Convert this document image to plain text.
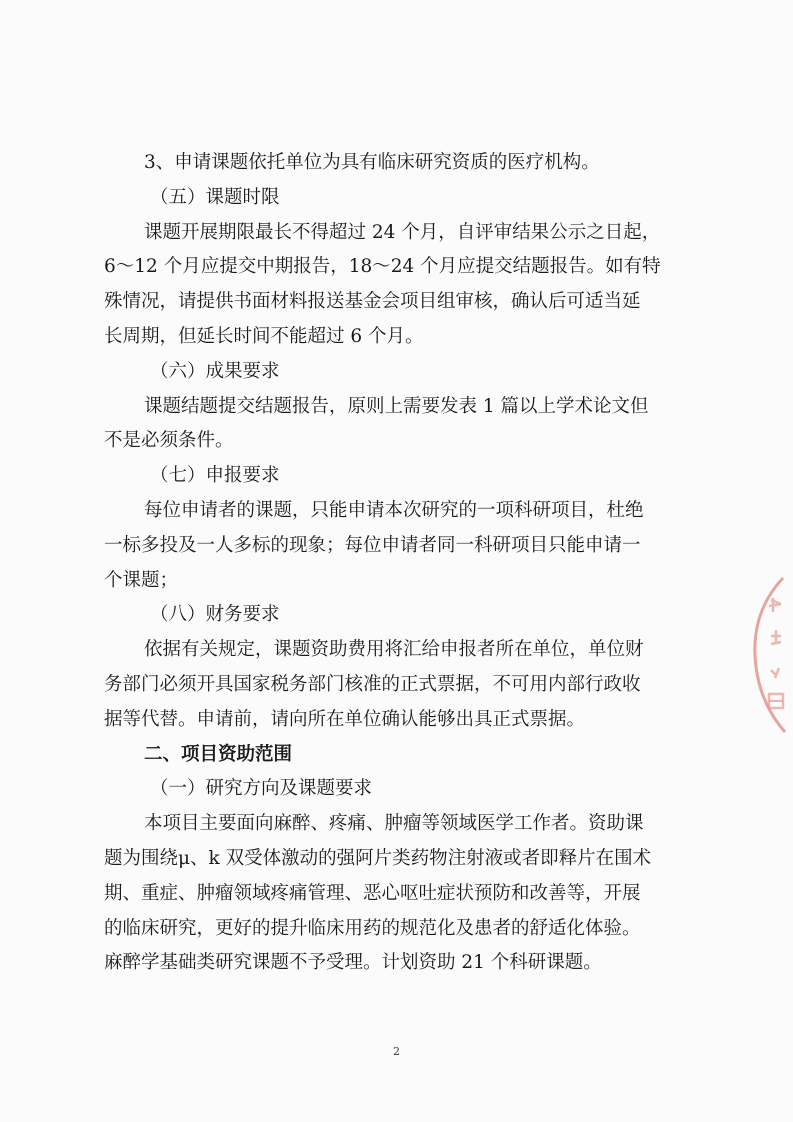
3、申请课题依托单位为具有临床研究资质的医疗机构。
（五）课题时限
课题开展期限最长不得超过 24 个月，自评审结果公示之日起，
6～12 个月应提交中期报告，18～24 个月应提交结题报告。如有特
殊情况，请提供书面材料报送基金会项目组审核，确认后可适当延
长周期，但延长时间不能超过 6 个月。
（六）成果要求
课题结题提交结题报告，原则上需要发表 1 篇以上学术论文但
不是必须条件。
（七）申报要求
每位申请者的课题，只能申请本次研究的一项科研项目，杜绝
一标多投及一人多标的现象；每位申请者同一科研项目只能申请一
个课题；
（八）财务要求
依据有关规定，课题资助费用将汇给申报者所在单位，单位财
务部门必须开具国家税务部门核准的正式票据，不可用内部行政收
据等代替。申请前，请向所在单位确认能够出具正式票据。
二、项目资助范围
（一）研究方向及课题要求
本项目主要面向麻醉、疼痛、肿瘤等领域医学工作者。资助课
题为围绕μ、k 双受体激动的强阿片类药物注射液或者即释片在围术
期、重症、肿瘤领域疼痛管理、恶心呕吐症状预防和改善等，开展
的临床研究，更好的提升临床用药的规范化及患者的舒适化体验。
麻醉学基础类研究课题不予受理。计划资助 21 个科研课题。
2
